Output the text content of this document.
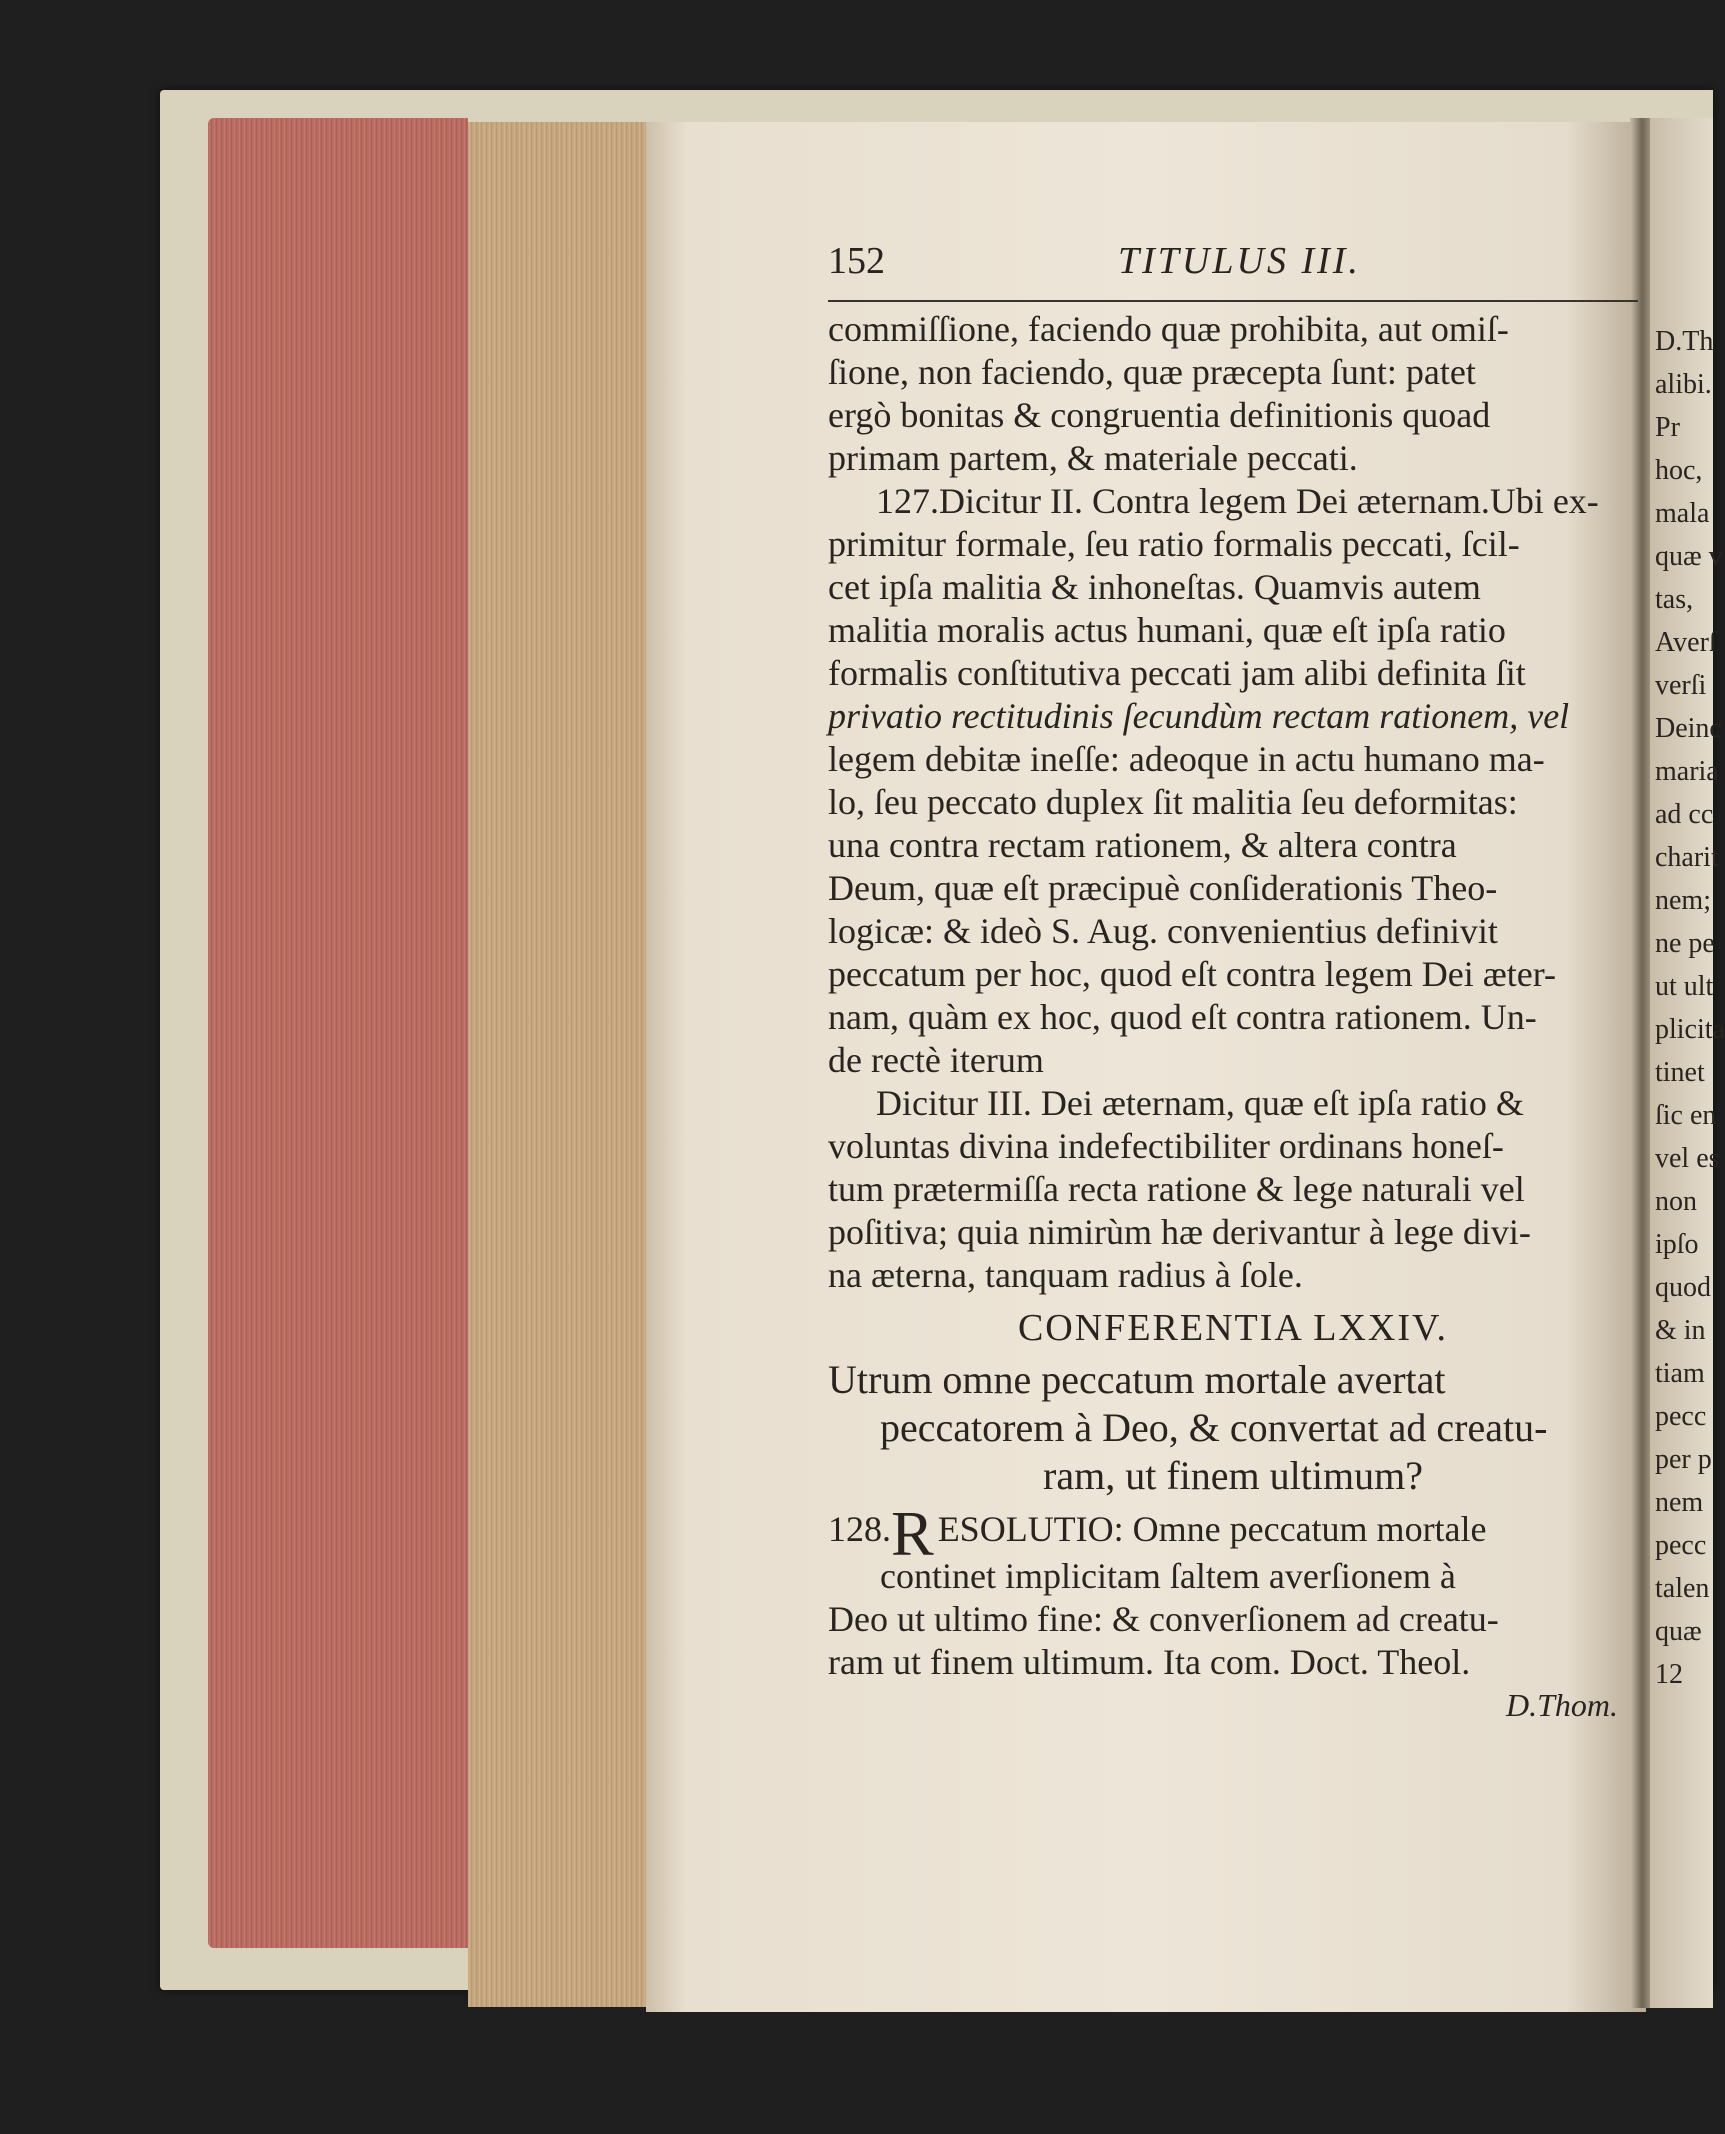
152	TITULUS III.
commiſſione, faciendo quæ prohibita, aut omiſ-
ſione, non faciendo, quæ præcepta ſunt: patet
ergò bonitas & congruentia definitionis quoad
primam partem, & materiale peccati.
127.Dicitur II. Contra legem Dei æternam.Ubi ex-
primitur formale, ſeu ratio formalis peccati, ſcil-
cet ipſa malitia & inhoneſtas. Quamvis autem
malitia moralis actus humani, quæ eſt ipſa ratio
formalis conſtitutiva peccati jam alibi definita ſit
privatio rectitudinis ſecundùm rectam rationem, vel
legem debitæ ineſſe: adeoque in actu humano ma-
lo, ſeu peccato duplex ſit malitia ſeu deformitas:
una contra rectam rationem, & altera contra
Deum, quæ eſt præcipuè conſiderationis Theo-
logicæ: & ideò S. Aug. convenientius definivit
peccatum per hoc, quod eſt contra legem Dei æter-
nam, quàm ex hoc, quod eſt contra rationem. Un-
de rectè iterum
Dicitur III. Dei æternam, quæ eſt ipſa ratio &
voluntas divina indefectibiliter ordinans honeſ-
tum prætermiſſa recta ratione & lege naturali vel
poſitiva; quia nimirùm hæ derivantur à lege divi-
na æterna, tanquam radius à ſole.
CONFERENTIA LXXIV.
Utrum omne peccatum mortale avertat
peccatorem à Deo, & convertat ad creatu-
ram, ut finem ultimum?
128.R ESOLUTIO: Omne peccatum mortale
continet implicitam ſaltem averſionem à
Deo ut ultimo fine: & converſionem ad creatu-
ram ut finem ultimum. Ita com. Doct. Theol.
D.Thom.
D.Th
alibi.
Pr
hoc,
mala
quæ v
tas,
Averſ
verſi
Deinc
maria
ad cc
charit
nem;
ne pe
ut ult
plicita
tinet
ſic en
vel es
non
ipſo
quod
& in
tiam
pecc
per p
nem
pecc
talen
quæ
12
